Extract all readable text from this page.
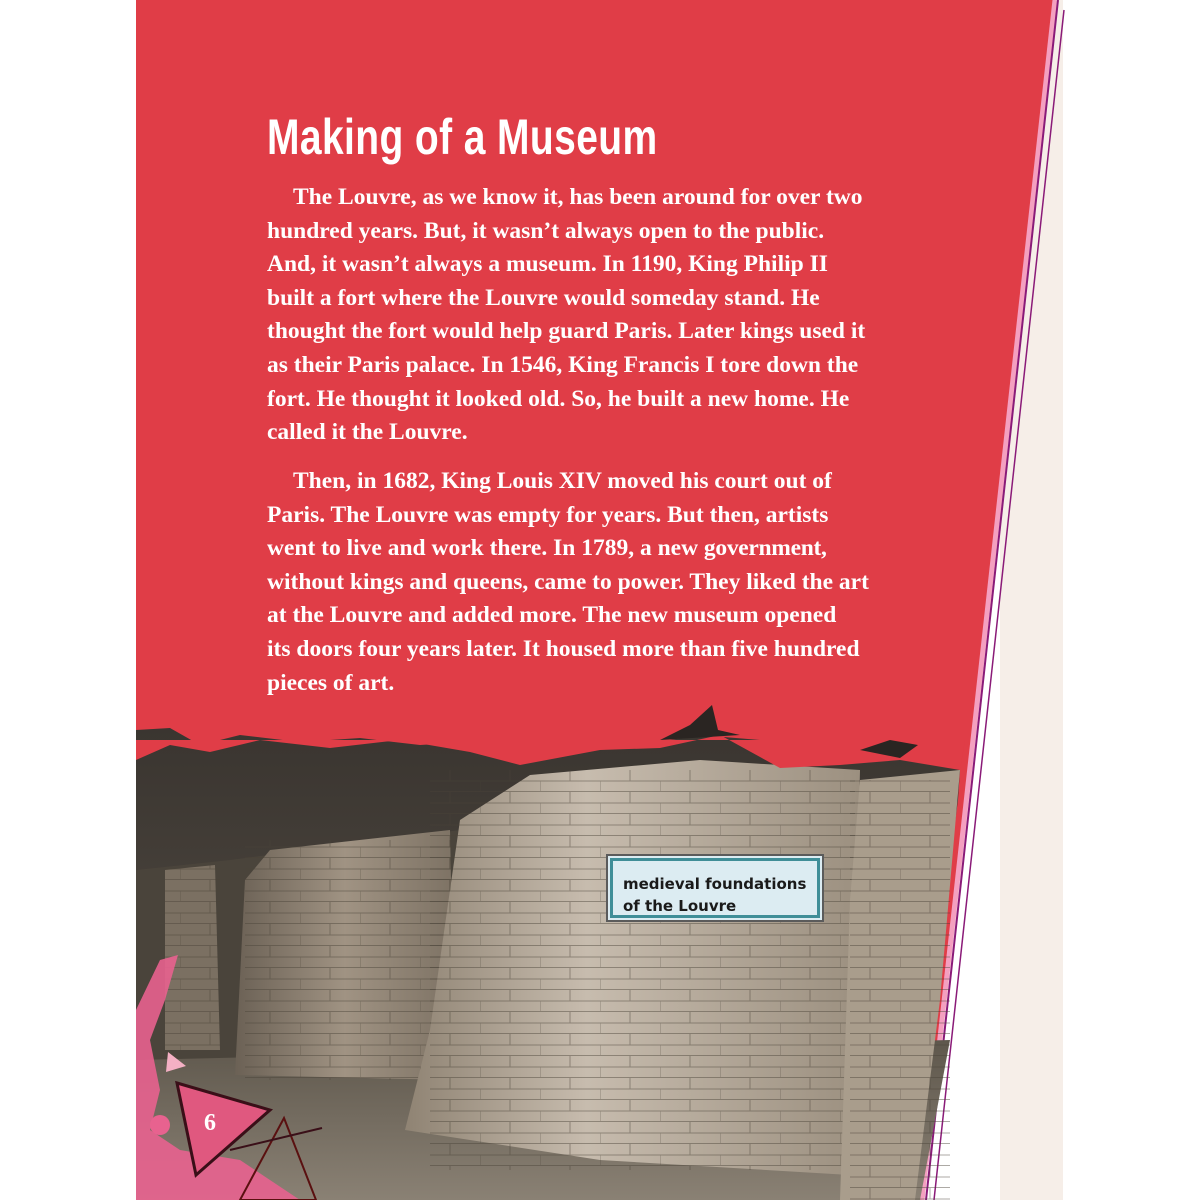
Making of a Museum
The Louvre, as we know it, has been around for over two
hundred years. But, it wasn’t always open to the public.
And, it wasn’t always a museum. In 1190, King Philip II
built a fort where the Louvre would someday stand. He
thought the fort would help guard Paris. Later kings used it
as their Paris palace. In 1546, King Francis I tore down the
fort. He thought it looked old. So, he built a new home. He
called it the Louvre.
Then, in 1682, King Louis XIV moved his court out of
Paris. The Louvre was empty for years. But then, artists
went to live and work there. In 1789, a new government,
without kings and queens, came to power. They liked the art
at the Louvre and added more. The new museum opened
its doors four years later. It housed more than five hundred
pieces of art.
medieval foundations
of the Louvre
6
